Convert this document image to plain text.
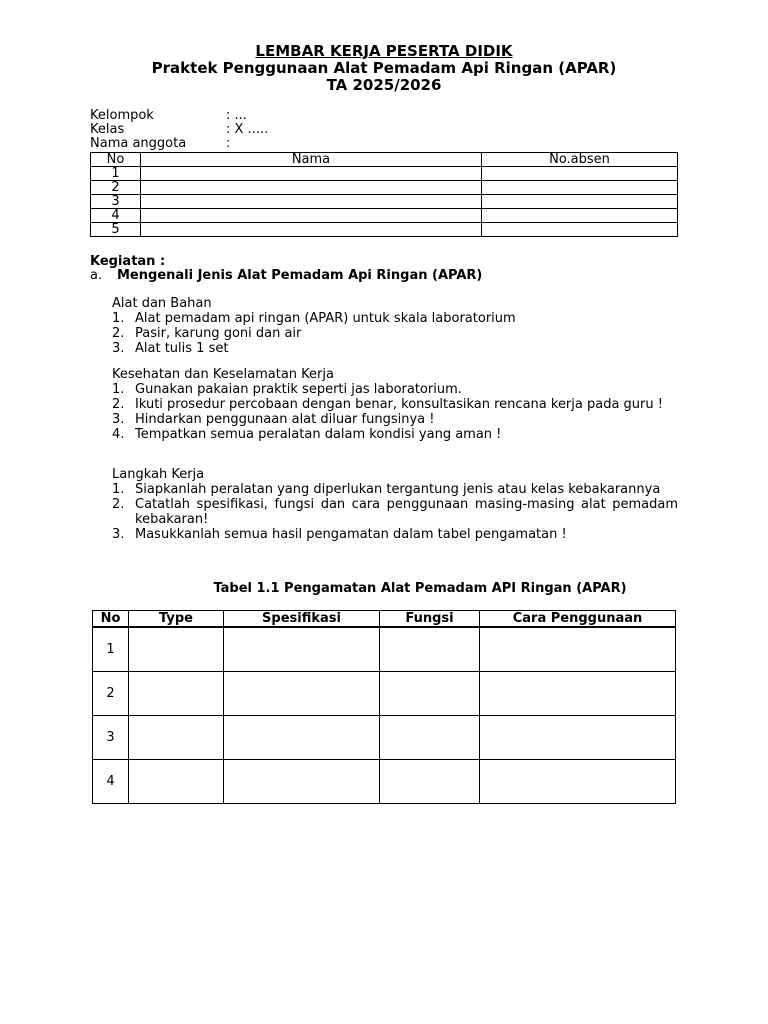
LEMBAR KERJA PESERTA DIDIK
Praktek Penggunaan Alat Pemadam Api Ringan (APAR)
TA 2025/2026
Kelompok	: ...
Kelas	: X .....
Nama anggota	:
No	Nama	No.absen
1		
2		
3		
4		
5		
Kegiatan :
a. Mengenali Jenis Alat Pemadam Api Ringan (APAR)
Alat dan Bahan
1. Alat pemadam api ringan (APAR) untuk skala laboratorium
2. Pasir, karung goni dan air
3. Alat tulis 1 set
Kesehatan dan Keselamatan Kerja
1. Gunakan pakaian praktik seperti jas laboratorium.
2. Ikuti prosedur percobaan dengan benar, konsultasikan rencana kerja pada guru !
3. Hindarkan penggunaan alat diluar fungsinya !
4. Tempatkan semua peralatan dalam kondisi yang aman !
Langkah Kerja
1. Siapkanlah peralatan yang diperlukan tergantung jenis atau kelas kebakarannya
2. Catatlah spesifikasi, fungsi dan cara penggunaan masing-masing alat pemadam kebakaran!
3. Masukkanlah semua hasil pengamatan dalam tabel pengamatan !
Tabel 1.1 Pengamatan Alat Pemadam API Ringan (APAR)
No	Type	Spesifikasi	Fungsi	Cara Penggunaan
1				
2				
3				
4				
